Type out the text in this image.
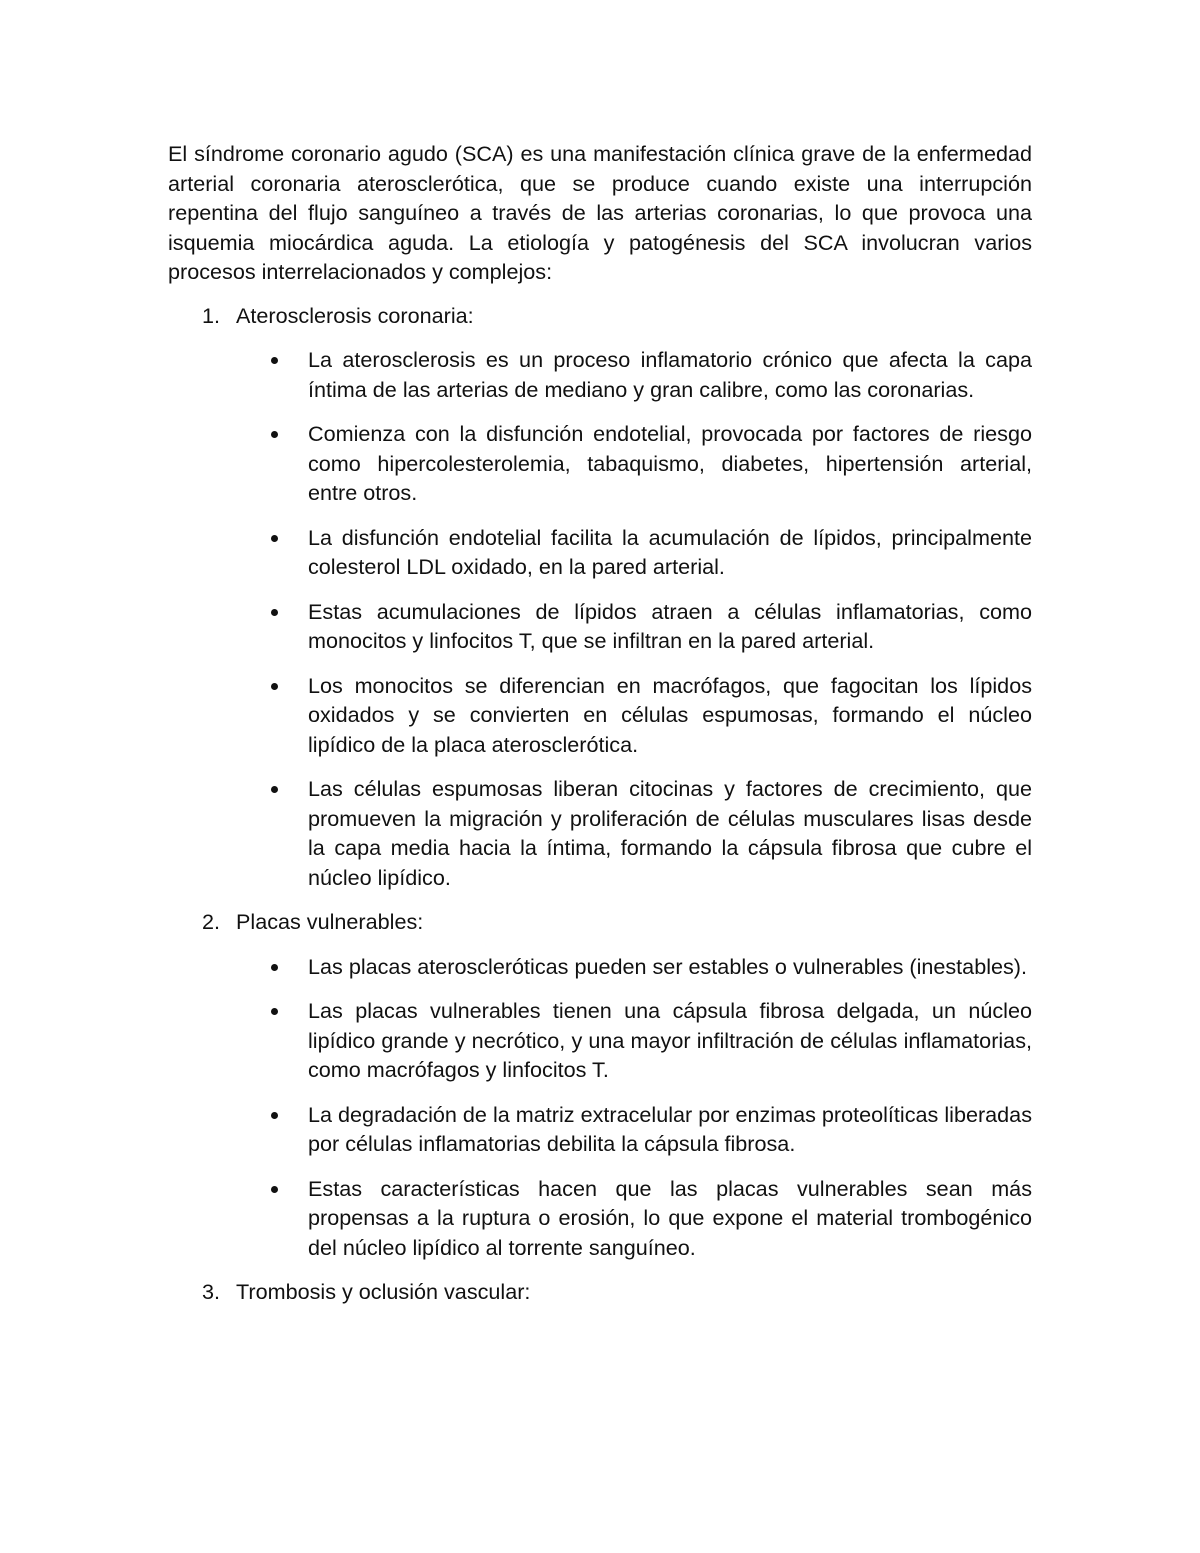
El síndrome coronario agudo (SCA) es una manifestación clínica grave de la enfermedad arterial coronaria aterosclerótica, que se produce cuando existe una interrupción repentina del flujo sanguíneo a través de las arterias coronarias, lo que provoca una isquemia miocárdica aguda. La etiología y patogénesis del SCA involucran varios procesos interrelacionados y complejos:

1. Aterosclerosis coronaria:
La aterosclerosis es un proceso inflamatorio crónico que afecta la capa íntima de las arterias de mediano y gran calibre, como las coronarias.
Comienza con la disfunción endotelial, provocada por factores de riesgo como hipercolesterolemia, tabaquismo, diabetes, hipertensión arterial, entre otros.
La disfunción endotelial facilita la acumulación de lípidos, principalmente colesterol LDL oxidado, en la pared arterial.
Estas acumulaciones de lípidos atraen a células inflamatorias, como monocitos y linfocitos T, que se infiltran en la pared arterial.
Los monocitos se diferencian en macrófagos, que fagocitan los lípidos oxidados y se convierten en células espumosas, formando el núcleo lipídico de la placa aterosclerótica.
Las células espumosas liberan citocinas y factores de crecimiento, que promueven la migración y proliferación de células musculares lisas desde la capa media hacia la íntima, formando la cápsula fibrosa que cubre el núcleo lipídico.
2. Placas vulnerables:
Las placas ateroscleróticas pueden ser estables o vulnerables (inestables).
Las placas vulnerables tienen una cápsula fibrosa delgada, un núcleo lipídico grande y necrótico, y una mayor infiltración de células inflamatorias, como macrófagos y linfocitos T.
La degradación de la matriz extracelular por enzimas proteolíticas liberadas por células inflamatorias debilita la cápsula fibrosa.
Estas características hacen que las placas vulnerables sean más propensas a la ruptura o erosión, lo que expone el material trombogénico del núcleo lipídico al torrente sanguíneo.
3. Trombosis y oclusión vascular:
